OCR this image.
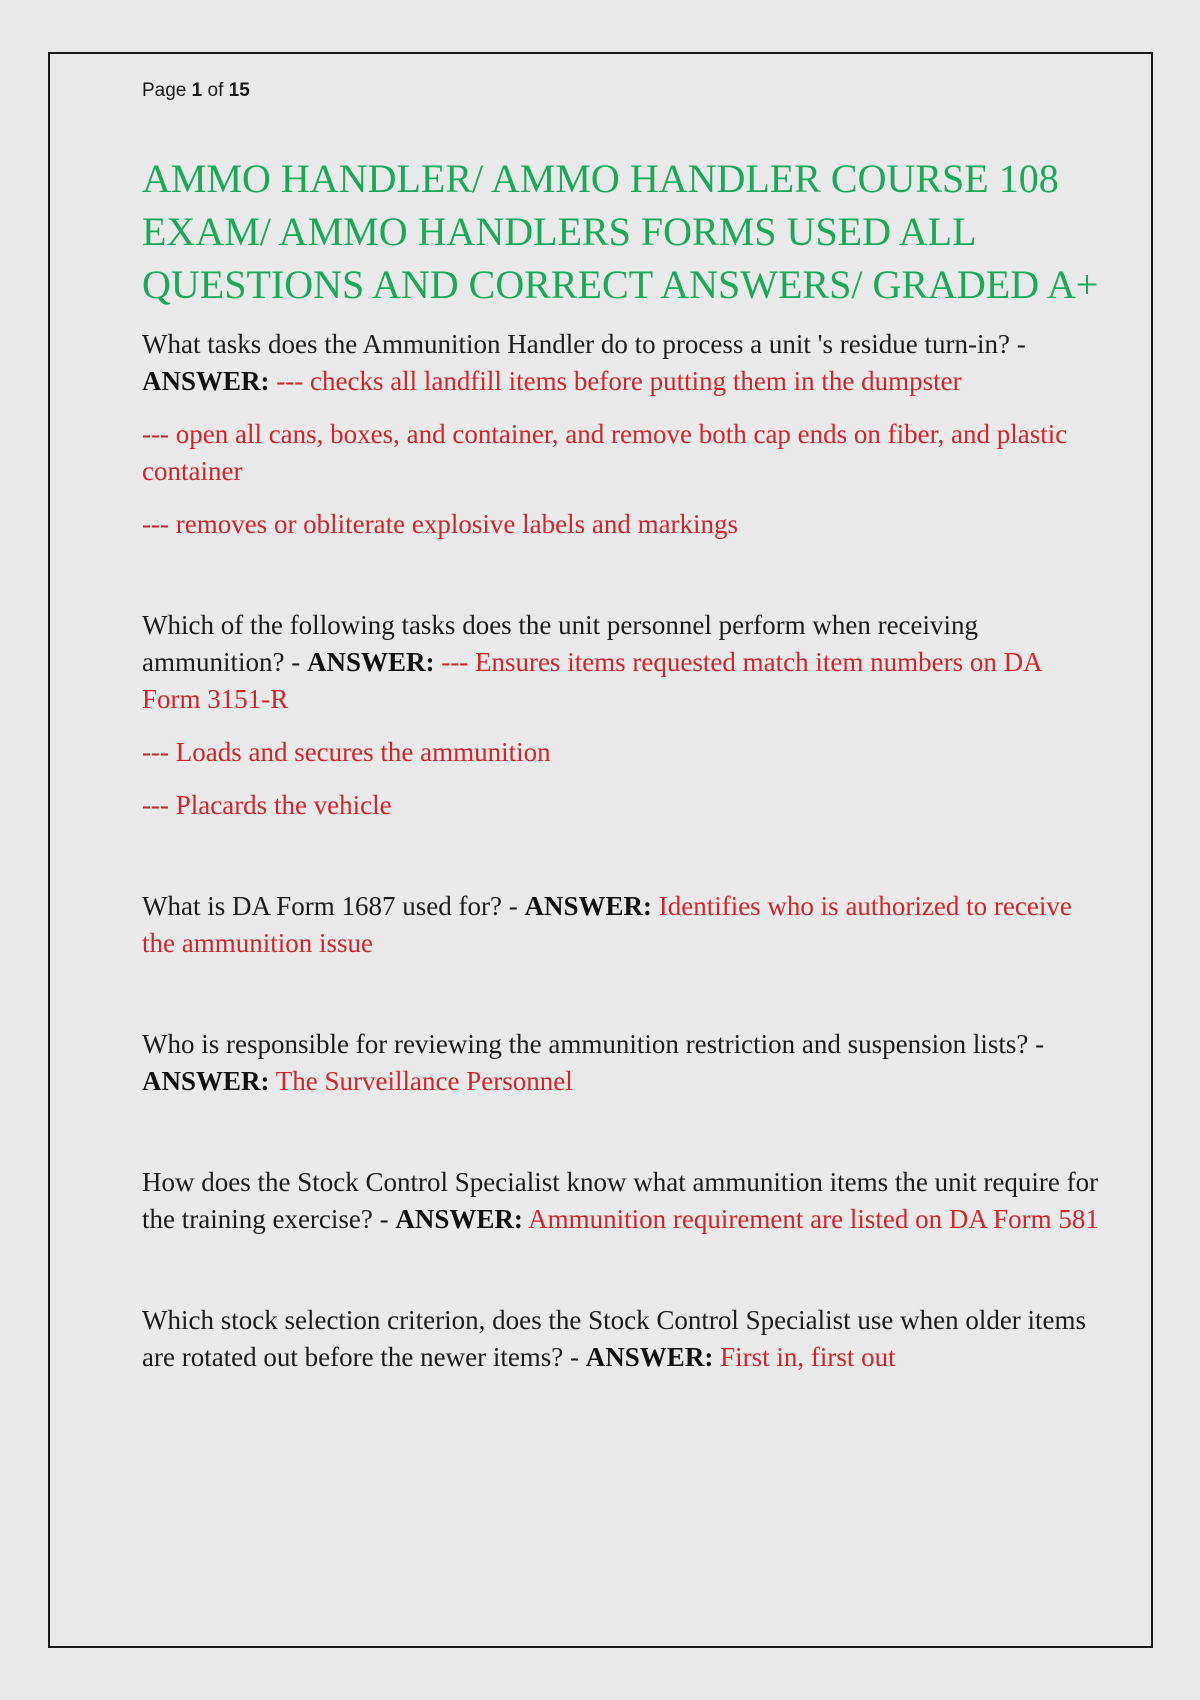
Page 1 of 15
AMMO HANDLER/ AMMO HANDLER COURSE 108 EXAM/ AMMO HANDLERS FORMS USED ALL QUESTIONS AND CORRECT ANSWERS/ GRADED A+

What tasks does the Ammunition Handler do to process a unit 's residue turn-in? - ANSWER: --- checks all landfill items before putting them in the dumpster

--- open all cans, boxes, and container, and remove both cap ends on fiber, and plastic container

--- removes or obliterate explosive labels and markings

Which of the following tasks does the unit personnel perform when receiving ammunition? - ANSWER: --- Ensures items requested match item numbers on DA Form 3151-R

--- Loads and secures the ammunition

--- Placards the vehicle

What is DA Form 1687 used for? - ANSWER: Identifies who is authorized to receive the ammunition issue

Who is responsible for reviewing the ammunition restriction and suspension lists? - ANSWER: The Surveillance Personnel

How does the Stock Control Specialist know what ammunition items the unit require for the training exercise? - ANSWER: Ammunition requirement are listed on DA Form 581

Which stock selection criterion, does the Stock Control Specialist use when older items are rotated out before the newer items? - ANSWER: First in, first out
